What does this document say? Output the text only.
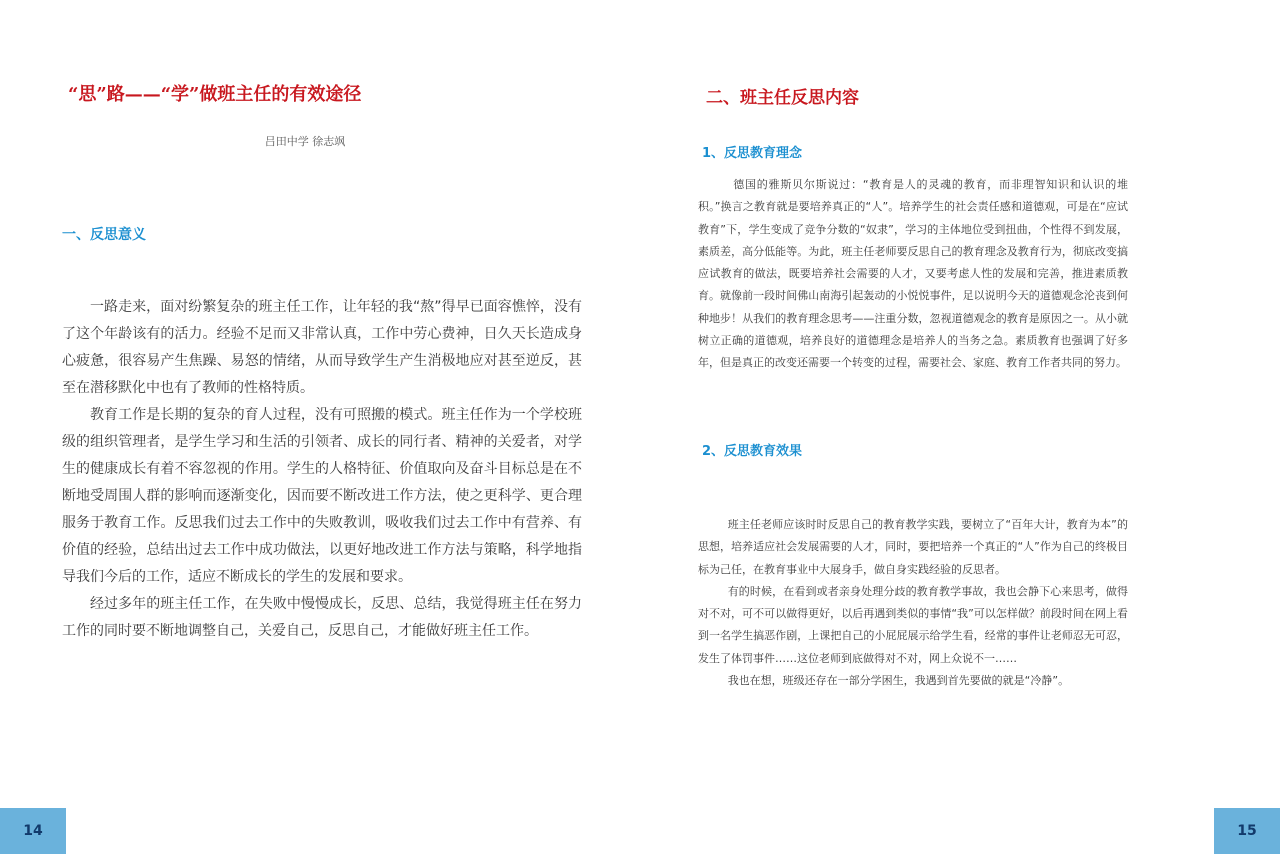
“思”路——“学”做班主任的有效途径
吕田中学 徐志飒
一、反思意义

一路走来，面对纷繁复杂的班主任工作，让年轻的我“熬”得早已面容憔悴，没有了这个年龄该有的活力。经验不足而又非常认真，工作中劳心费神，日久天长造成身心疲惫，很容易产生焦躁、易怒的情绪，从而导致学生产生消极地应对甚至逆反，甚至在潜移默化中也有了教师的性格特质。

教育工作是长期的复杂的育人过程，没有可照搬的模式。班主任作为一个学校班级的组织管理者，是学生学习和生活的引领者、成长的同行者、精神的关爱者，对学生的健康成长有着不容忽视的作用。学生的人格特征、价值取向及奋斗目标总是在不断地受周围人群的影响而逐渐变化，因而要不断改进工作方法，使之更科学、更合理服务于教育工作。反思我们过去工作中的失败教训，吸收我们过去工作中有营养、有价值的经验，总结出过去工作中成功做法，以更好地改进工作方法与策略，科学地指导我们今后的工作，适应不断成长的学生的发展和要求。

经过多年的班主任工作，在失败中慢慢成长，反思、总结，我觉得班主任在努力工作的同时要不断地调整自己，关爱自己，反思自己，才能做好班主任工作。

14
二、班主任反思内容
1、反思教育理念

德国的雅斯贝尔斯说过：“教育是人的灵魂的教育，而非理智知识和认识的堆积。”换言之教育就是要培养真正的“人”。培养学生的社会责任感和道德观，可是在“应试教育”下，学生变成了竞争分数的“奴隶”，学习的主体地位受到扭曲，个性得不到发展，素质差，高分低能等。为此，班主任老师要反思自己的教育理念及教育行为，彻底改变搞应试教育的做法，既要培养社会需要的人才，又要考虑人性的发展和完善，推进素质教育。就像前一段时间佛山南海引起轰动的小悦悦事件，足以说明今天的道德观念沦丧到何种地步！从我们的教育理念思考——注重分数，忽视道德观念的教育是原因之一。从小就树立正确的道德观，培养良好的道德理念是培养人的当务之急。素质教育也强调了好多年，但是真正的改变还需要一个转变的过程，需要社会、家庭、教育工作者共同的努力。

2、反思教育效果

班主任老师应该时时反思自己的教育教学实践，要树立了“百年大计，教育为本”的思想，培养适应社会发展需要的人才，同时，要把培养一个真正的“人”作为自己的终极目标为己任，在教育事业中大展身手，做自身实践经验的反思者。

有的时候，在看到或者亲身处理分歧的教育教学事故，我也会静下心来思考，做得对不对，可不可以做得更好，以后再遇到类似的事情“我”可以怎样做？前段时间在网上看到一名学生搞恶作剧，上课把自己的小屁屁展示给学生看，经常的事件让老师忍无可忍，发生了体罚事件……这位老师到底做得对不对，网上众说不一……

我也在想，班级还存在一部分学困生，我遇到首先要做的就是“冷静”。

15
